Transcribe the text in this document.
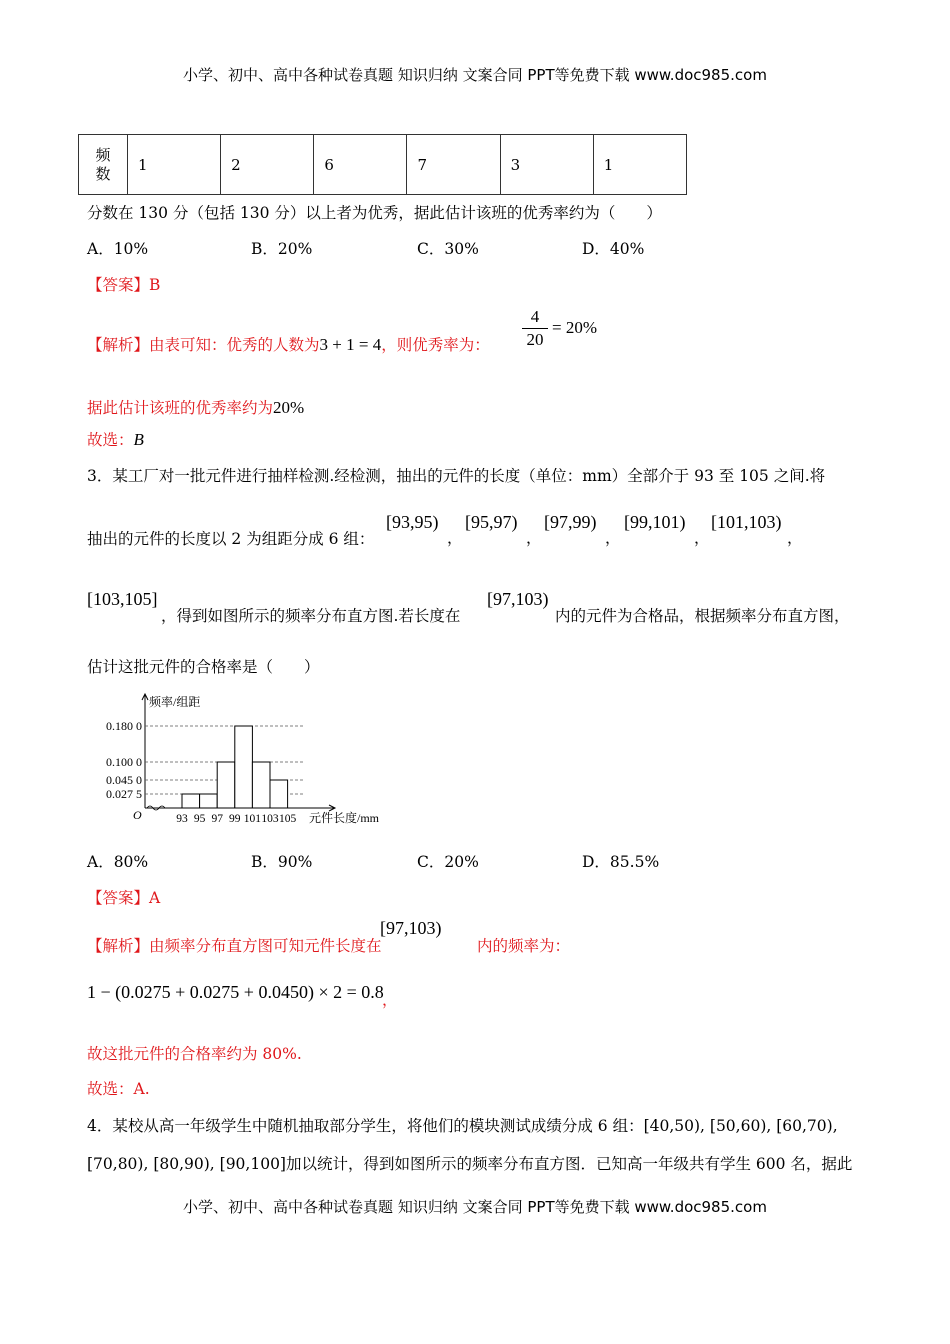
小学、初中、高中各种试卷真题 知识归纳 文案合同 PPT等免费下载 www.doc985.com
频数	1	2	6	7	3	1
分数在 130 分（包括 130 分）以上者为优秀，据此估计该班的优秀率约为（　　）
A．10%	B．20%	C．30%	D．40%
【答案】B
【解析】由表可知：优秀的人数为3 + 1 = 4，则优秀率为：
4
20
= 20%
据此估计该班的优秀率约为20%
故选：B
3．某工厂对一批元件进行抽样检测.经检测，抽出的元件的长度（单位：mm）全部介于 93 至 105 之间.将
抽出的元件的长度以 2 为组距分成 6 组：
[93,95)
，
[95,97)
，
[97,99)
，
[99,101)
，
[101,103)
，
[103,105]
，得到如图所示的频率分布直方图.若长度在
[97,103)
内的元件为合格品，根据频率分布直方图，
估计这批元件的合格率是（　　）
频率/组距
元件长度/mm
O
0.027 5
0.045 0
0.100 0
0.180 0
93 95 97 99 101 103 105
A．80%	B．90%	C．20%	D．85.5%
【答案】A
【解析】由频率分布直方图可知元件长度在
[97,103)
内的频率为：
1 − (0.0275 + 0.0275 + 0.0450) × 2 = 0.8
，
故这批元件的合格率约为 80%.
故选：A.
4．某校从高一年级学生中随机抽取部分学生，将他们的模块测试成绩分成 6 组：[40,50), [50,60), [60,70),
[70,80), [80,90), [90,100]加以统计，得到如图所示的频率分布直方图．已知高一年级共有学生 600 名，据此
小学、初中、高中各种试卷真题 知识归纳 文案合同 PPT等免费下载 www.doc985.com
